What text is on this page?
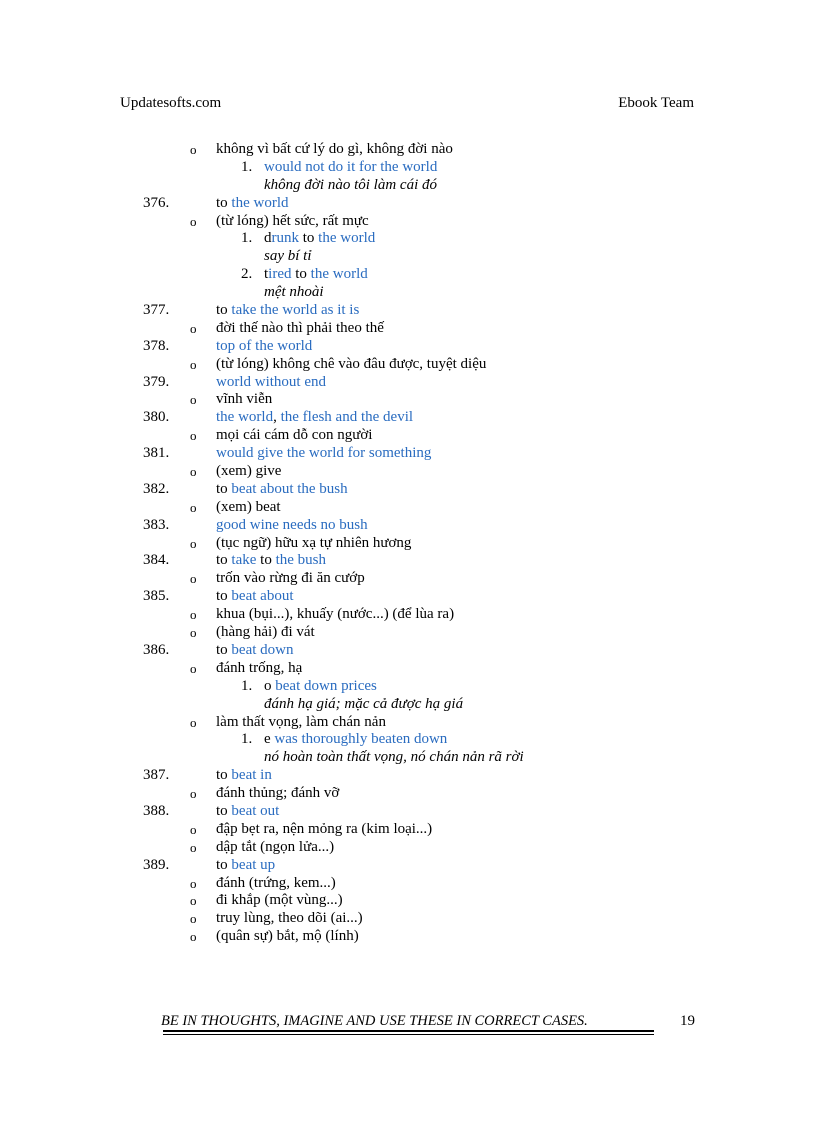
Updatesofts.com	Ebook Team
o không vì bất cứ lý do gì, không đời nào
1. would not do it for the world
không đời nào tôi làm cái đó
376.	to the world
o (từ lóng) hết sức, rất mực
1. drunk to the world
say bí tỉ
2. tired to the world
mệt nhoài
377.	to take the world as it is
o đời thế nào thì phải theo thế
378.	top of the world
o (từ lóng) không chê vào đâu được, tuyệt diệu
379.	world without end
o vĩnh viễn
380.	the world, the flesh and the devil
o mọi cái cám dỗ con người
381.	would give the world for something
o (xem) give
382.	to beat about the bush
o (xem) beat
383.	good wine needs no bush
o (tục ngữ) hữu xạ tự nhiên hương
384.	to take to the bush
o trốn vào rừng đi ăn cướp
385.	to beat about
o khua (bụi...), khuấy (nước...) (để lùa ra)
o (hàng hải) đi vát
386.	to beat down
o đánh trống, hạ
1. o beat down prices
đánh hạ giá; mặc cả được hạ giá
o làm thất vọng, làm chán nản
1. e was thoroughly beaten down
nó hoàn toàn thất vọng, nó chán nản rã rời
387.	to beat in
o đánh thủng; đánh vỡ
388.	to beat out
o đập bẹt ra, nện mỏng ra (kim loại...)
o dập tắt (ngọn lửa...)
389.	to beat up
o đánh (trứng, kem...)
o đi khắp (một vùng...)
o truy lùng, theo dõi (ai...)
o (quân sự) bắt, mộ (lính)
BE IN THOUGHTS, IMAGINE AND USE THESE IN CORRECT CASES.	19
